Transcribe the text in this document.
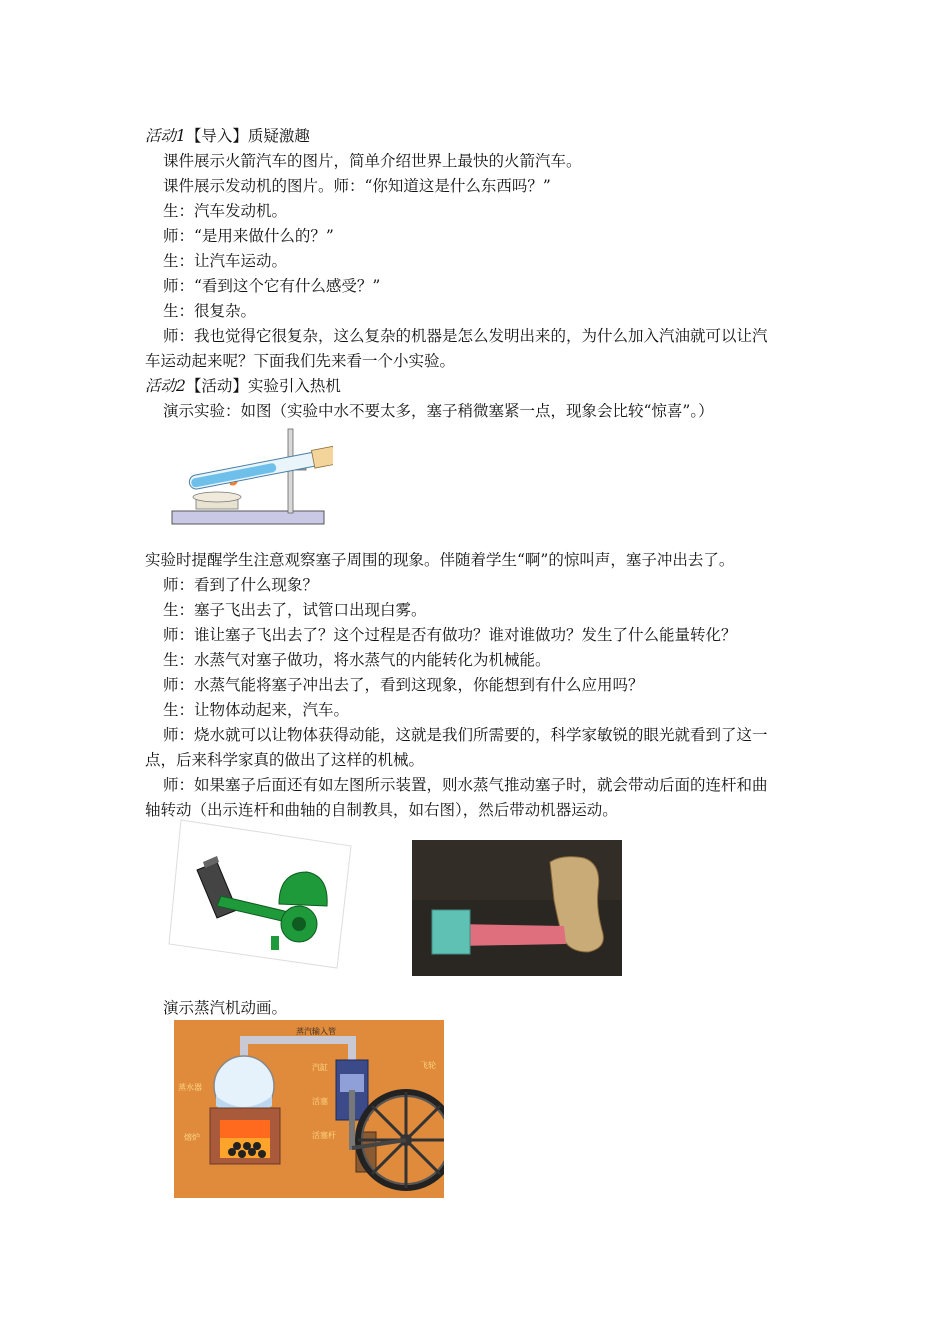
活动1【导入】质疑激趣
课件展示火箭汽车的图片，简单介绍世界上最快的火箭汽车。
课件展示发动机的图片。师：“你知道这是什么东西吗？”
生：汽车发动机。
师：“是用来做什么的？”
生：让汽车运动。
师：“看到这个它有什么感受？”
生：很复杂。
师：我也觉得它很复杂，这么复杂的机器是怎么发明出来的，为什么加入汽油就可以让汽
车运动起来呢？下面我们先来看一个小实验。
活动2【活动】实验引入热机
演示实验：如图（实验中水不要太多，塞子稍微塞紧一点，现象会比较“惊喜”。）
实验时提醒学生注意观察塞子周围的现象。伴随着学生“啊”的惊叫声，塞子冲出去了。
师：看到了什么现象？
生：塞子飞出去了，试管口出现白雾。
师：谁让塞子飞出去了？这个过程是否有做功？谁对谁做功？发生了什么能量转化？
生：水蒸气对塞子做功，将水蒸气的内能转化为机械能。
师：水蒸气能将塞子冲出去了，看到这现象，你能想到有什么应用吗？
生：让物体动起来，汽车。
师：烧水就可以让物体获得动能，这就是我们所需要的，科学家敏锐的眼光就看到了这一
点，后来科学家真的做出了这样的机械。
师：如果塞子后面还有如左图所示装置，则水蒸气推动塞子时，就会带动后面的连杆和曲
轴转动（出示连杆和曲轴的自制教具，如右图），然后带动机器运动。
演示蒸汽机动画。
蒸汽输入管
汽缸
蒸水器
活塞
熔炉	活塞杆
飞轮
